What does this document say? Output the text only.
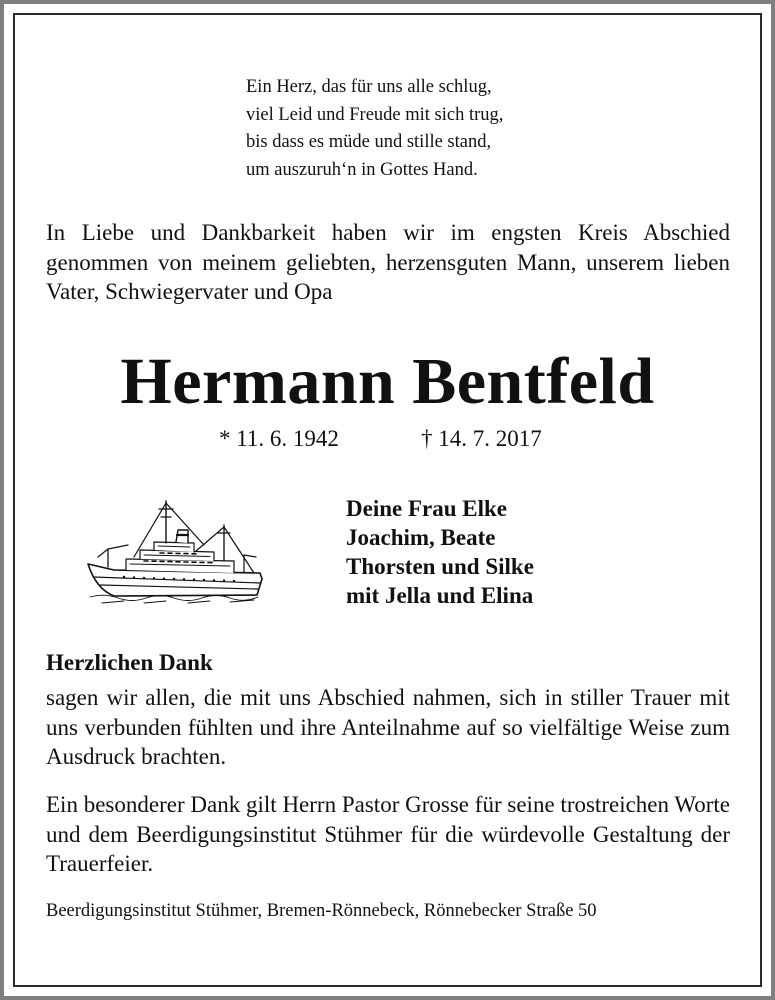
Ein Herz, das für uns alle schlug,
viel Leid und Freude mit sich trug,
bis dass es müde und stille stand,
um auszuruh‘n in Gottes Hand.
In Liebe und Dankbarkeit haben wir im engsten Kreis Abschied genommen von meinem geliebten, herzensguten Mann, unserem lieben Vater, Schwiegervater und Opa
Hermann Bentfeld
* 11. 6. 1942	† 14. 7. 2017
Deine Frau Elke
Joachim, Beate
Thorsten und Silke
mit Jella und Elina
Herzlichen Dank
sagen wir allen, die mit uns Abschied nahmen, sich in stiller Trauer mit uns verbunden fühlten und ihre Anteilnahme auf so vielfältige Weise zum Ausdruck brachten.
Ein besonderer Dank gilt Herrn Pastor Grosse für seine trostreichen Worte und dem Beerdigungsinstitut Stühmer für die würdevolle Gestaltung der Trauerfeier.
Beerdigungsinstitut Stühmer, Bremen-Rönnebeck, Rönnebecker Straße 50
